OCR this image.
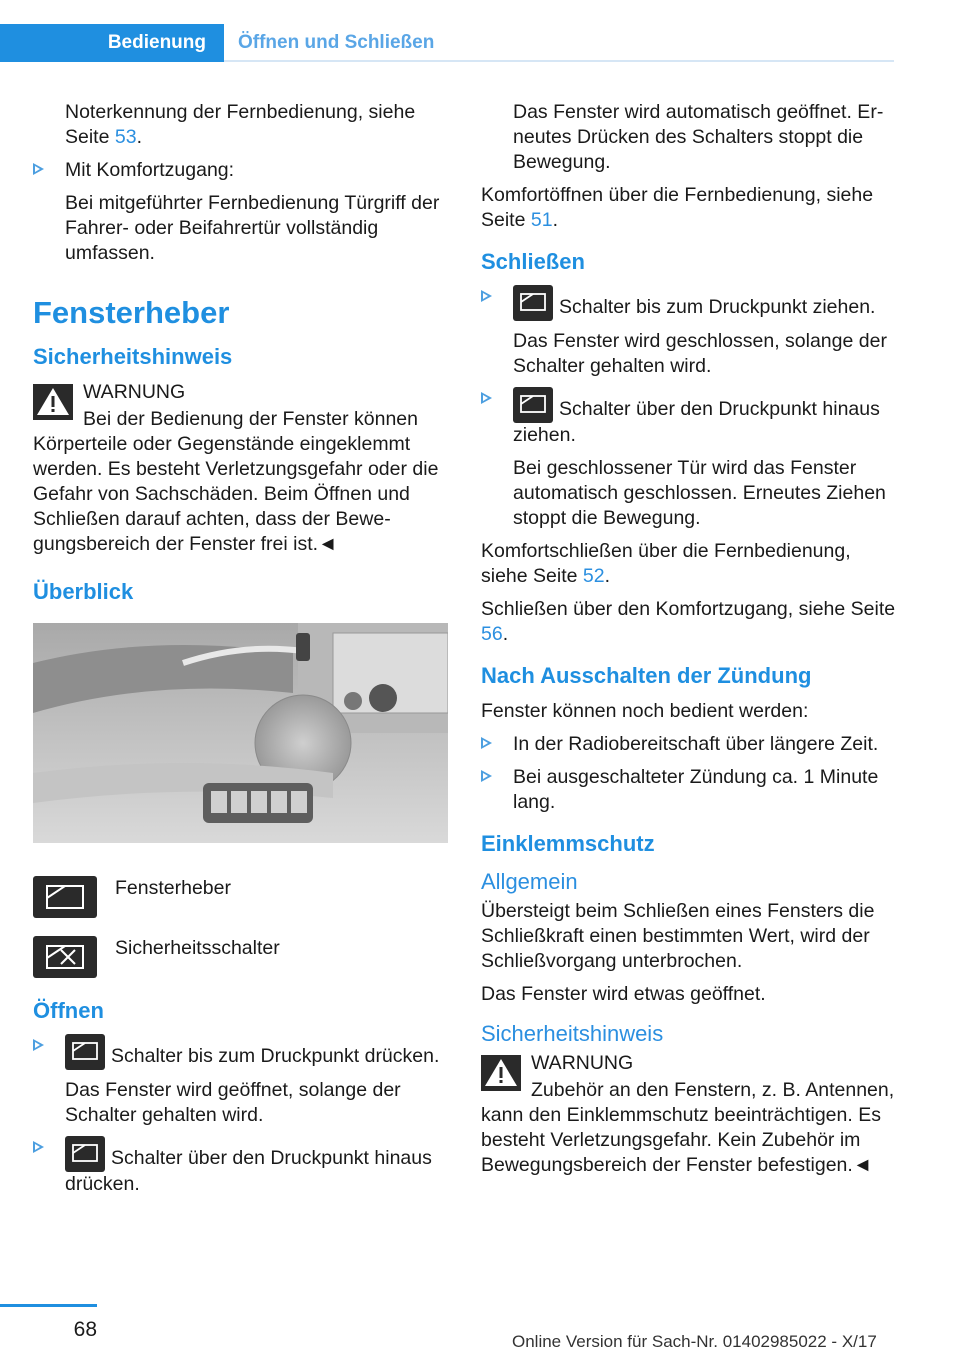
Bedienung	Öffnen und Schließen

Noterkennung der Fernbedienung, siehe Seite 53.

Mit Komfortzugang:

Bei mitgeführter Fernbedienung Türgriff der Fahrer- oder Beifahrertür vollständig umfassen.

Fensterheber
Sicherheitshinweis

WARNUNG

Bei der Bedienung der Fenster können Körperteile oder Gegenstände eingeklemmt werden. Es besteht Verletzungsgefahr oder die Gefahr von Sachschäden. Beim Öffnen und Schließen darauf achten, dass der Bewegungsbereich der Fenster frei ist.◄

Überblick
Fensterheber
Sicherheitsschalter
Öffnen

Schalter bis zum Druckpunkt drücken.

Das Fenster wird geöffnet, solange der Schalter gehalten wird.

Schalter über den Druckpunkt hinaus drücken.

Das Fenster wird automatisch geöffnet. Erneutes Drücken des Schalters stoppt die Bewegung.

Komfortöffnen über die Fernbedienung, siehe Seite 51.

Schließen

Schalter bis zum Druckpunkt ziehen.

Das Fenster wird geschlossen, solange der Schalter gehalten wird.

Schalter über den Druckpunkt hinaus ziehen.

Bei geschlossener Tür wird das Fenster automatisch geschlossen. Erneutes Ziehen stoppt die Bewegung.

Komfortschließen über die Fernbedienung, siehe Seite 52.

Schließen über den Komfortzugang, siehe Seite 56.

Nach Ausschalten der Zündung

Fenster können noch bedient werden:

In der Radiobereitschaft über längere Zeit.

Bei ausgeschalteter Zündung ca. 1 Minute lang.

Einklemmschutz
Allgemein

Übersteigt beim Schließen eines Fensters die Schließkraft einen bestimmten Wert, wird der Schließvorgang unterbrochen.

Das Fenster wird etwas geöffnet.

Sicherheitshinweis

WARNUNG

Zubehör an den Fenstern, z. B. Antennen, kann den Einklemmschutz beeinträchtigen. Es besteht Verletzungsgefahr. Kein Zubehör im Bewegungsbereich der Fenster befestigen.◄

68
Online Version für Sach-Nr. 01402985022 - X/17
